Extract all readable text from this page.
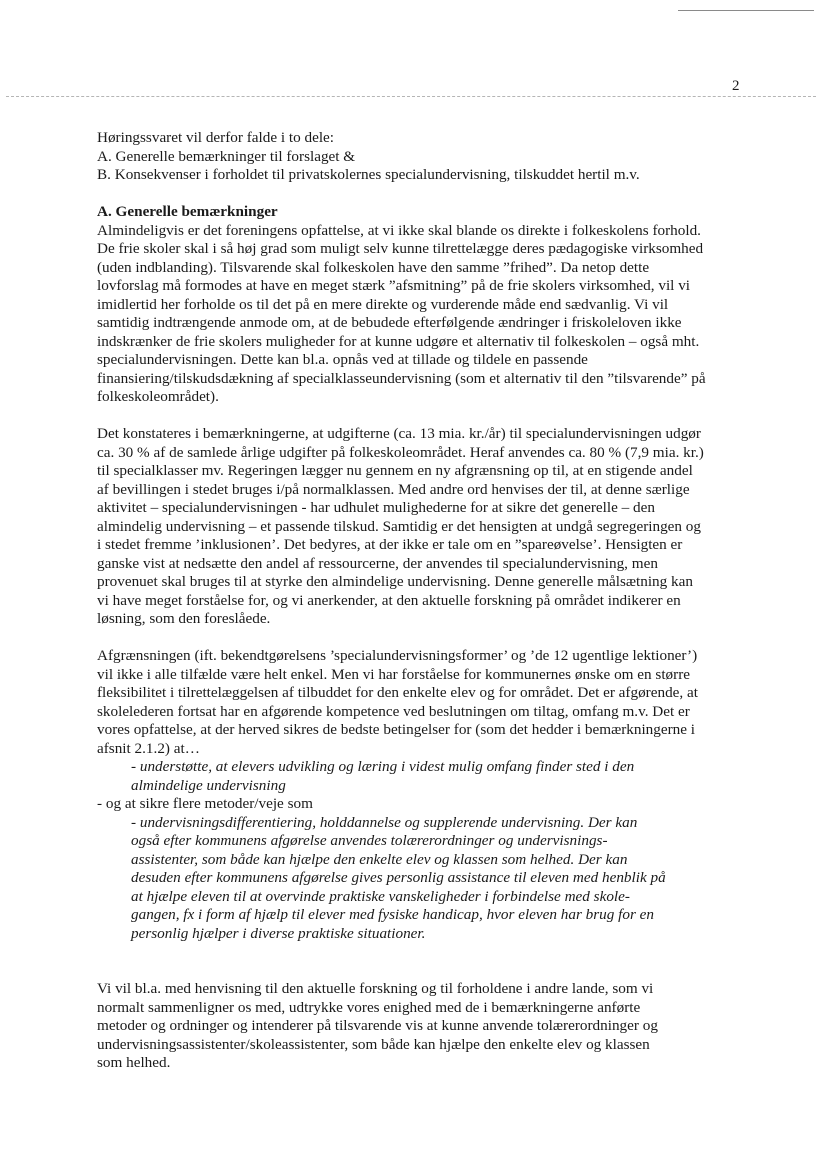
2

Høringssvaret vil derfor falde i to dele:
A. Generelle bemærkninger til forslaget &
B. Konsekvenser i forholdet til privatskolernes specialundervisning, tilskuddet hertil m.v.

A. Generelle bemærkninger
Almindeligvis er det foreningens opfattelse, at vi ikke skal blande os direkte i folkeskolens forhold.
De frie skoler skal i så høj grad som muligt selv kunne tilrettelægge deres pædagogiske virksomhed
(uden indblanding). Tilsvarende skal folkeskolen have den samme ”frihed”. Da netop dette
lovforslag må formodes at have en meget stærk ”afsmitning” på de frie skolers virksomhed, vil vi
imidlertid her forholde os til det på en mere direkte og vurderende måde end sædvanlig. Vi vil
samtidig indtrængende anmode om, at de bebudede efterfølgende ændringer i friskoleloven ikke
indskrænker de frie skolers muligheder for at kunne udgøre et alternativ til folkeskolen – også mht.
specialundervisningen. Dette kan bl.a. opnås ved at tillade og tildele en passende
finansiering/tilskudsdækning af specialklasseundervisning (som et alternativ til den ”tilsvarende” på
folkeskoleområdet).

Det konstateres i bemærkningerne, at udgifterne (ca. 13 mia. kr./år) til specialundervisningen udgør
ca. 30 % af de samlede årlige udgifter på folkeskoleområdet. Heraf anvendes ca. 80 % (7,9 mia. kr.)
til specialklasser mv. Regeringen lægger nu gennem en ny afgrænsning op til, at en stigende andel
af bevillingen i stedet bruges i/på normalklassen. Med andre ord henvises der til, at denne særlige
aktivitet – specialundervisningen - har udhulet mulighederne for at sikre det generelle – den
almindelig undervisning – et passende tilskud. Samtidig er det hensigten at undgå segregeringen og
i stedet fremme ’inklusionen’. Det bedyres, at der ikke er tale om en ”spareøvelse’. Hensigten er
ganske vist at nedsætte den andel af ressourcerne, der anvendes til specialundervisning, men
provenuet skal bruges til at styrke den almindelige undervisning. Denne generelle målsætning kan
vi have meget forståelse for, og vi anerkender, at den aktuelle forskning på området indikerer en
løsning, som den foreslåede.

Afgrænsningen (ift. bekendtgørelsens ’specialundervisningsformer’ og ’de 12 ugentlige lektioner’)
vil ikke i alle tilfælde være helt enkel. Men vi har forståelse for kommunernes ønske om en større
fleksibilitet i tilrettelæggelsen af tilbuddet for den enkelte elev og for området. Det er afgørende, at
skolelederen fortsat har en afgørende kompetence ved beslutningen om tiltag, omfang m.v. Det er
vores opfattelse, at der herved sikres de bedste betingelser for (som det hedder i bemærkningerne i
afsnit 2.1.2) at…

- understøtte, at elevers udvikling og læring i videst mulig omfang finder sted i den
almindelige undervisning
- og at sikre flere metoder/veje som
- undervisningsdifferentiering, holddannelse og supplerende undervisning. Der kan
også efter kommunens afgørelse anvendes tolærerordninger og undervisnings-
assistenter, som både kan hjælpe den enkelte elev og klassen som helhed. Der kan
desuden efter kommunens afgørelse gives personlig assistance til eleven med henblik på
at hjælpe eleven til at overvinde praktiske vanskeligheder i forbindelse med skole-
gangen, fx i form af hjælp til elever med fysiske handicap, hvor eleven har brug for en
personlig hjælper i diverse praktiske situationer.

Vi vil bl.a. med henvisning til den aktuelle forskning og til forholdene i andre lande, som vi
normalt sammenligner os med, udtrykke vores enighed med de i bemærkningerne anførte
metoder og ordninger og intenderer på tilsvarende vis at kunne anvende tolærerordninger og
undervisningsassistenter/skoleassistenter, som både kan hjælpe den enkelte elev og klassen
som helhed.
